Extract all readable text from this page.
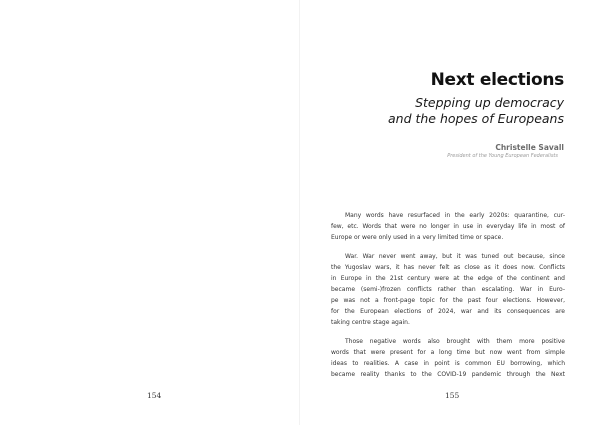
154
Next elections
Stepping up democracy
and the hopes of Europeans
Christelle Savall
President of the Young European Federalists
Many words have resurfaced in the early 2020s: quarantine, cur-
few, etc. Words that were no longer in use in everyday life in most of
Europe or were only used in a very limited time or space.
War. War never went away, but it was tuned out because, since
the Yugoslav wars, it has never felt as close as it does now. Conflicts
in Europe in the 21st century were at the edge of the continent and
became (semi-)frozen conflicts rather than escalating. War in Euro-
pe was not a front-page topic for the past four elections. However,
for the European elections of 2024, war and its consequences are
taking centre stage again.
Those negative words also brought with them more positive
words that were present for a long time but now went from simple
ideas to realities. A case in point is common EU borrowing, which
became reality thanks to the COVID-19 pandemic through the Next
155
